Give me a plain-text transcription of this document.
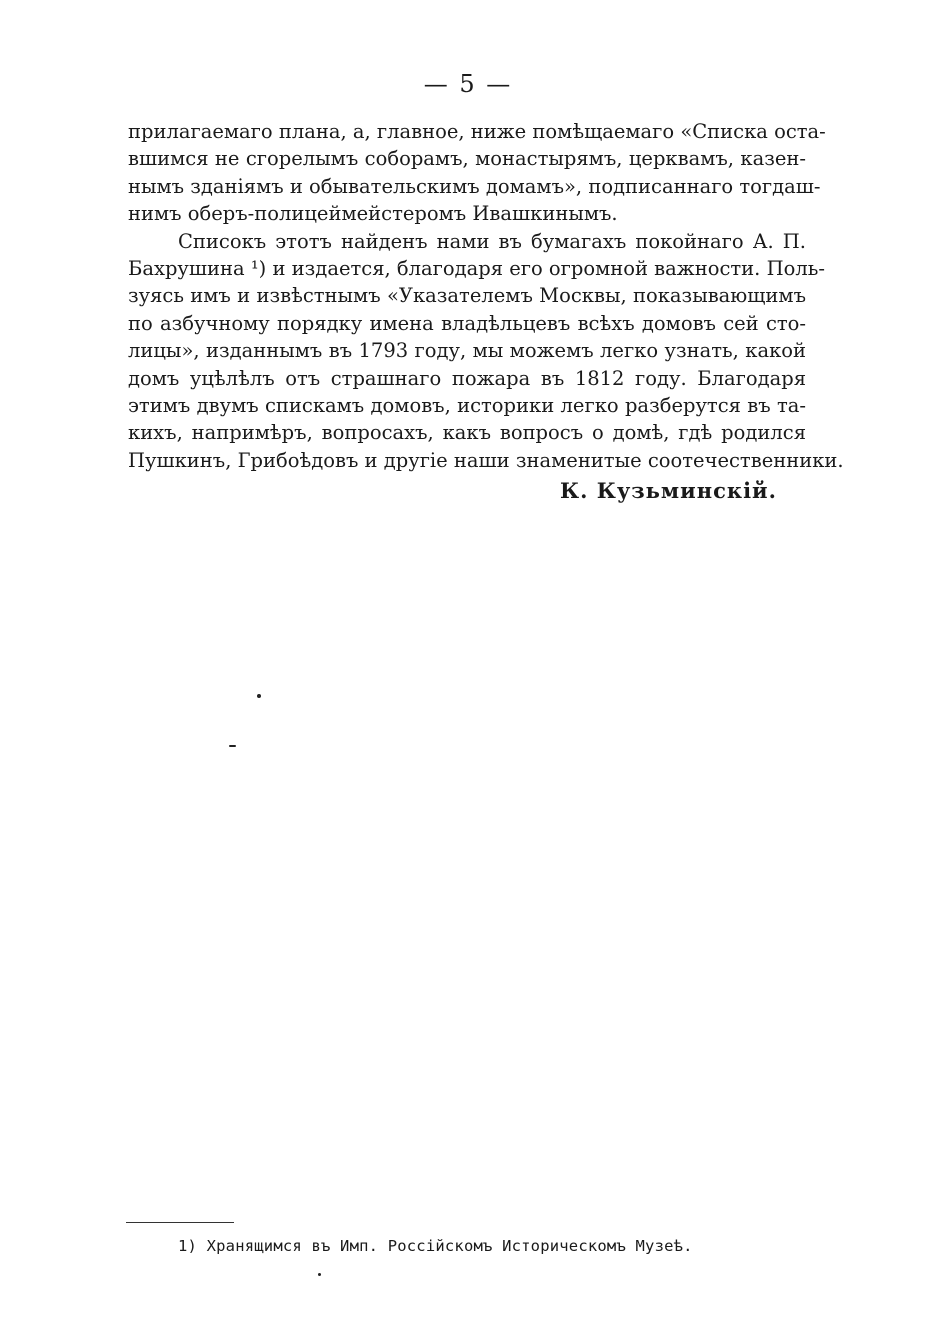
— 5 —
прилагаемаго плана, а, главное, ниже помѣщаемаго «Списка оста-
вшимся не сгорелымъ соборамъ, монастырямъ, церквамъ, казен-
нымъ зданіямъ и обывательскимъ домамъ», подписаннаго тогдаш-
нимъ оберъ-полицеймейстеромъ Ивашкинымъ.
Списокъ этотъ найденъ нами въ бумагахъ покойнаго А. П.
Бахрушина ¹) и издается, благодаря его огромной важности. Поль-
зуясь имъ и извѣстнымъ «Указателемъ Москвы, показывающимъ
по азбучному порядку имена владѣльцевъ всѣхъ домовъ сей сто-
лицы», изданнымъ въ 1793 году, мы можемъ легко узнать, какой
домъ уцѣлѣлъ отъ страшнаго пожара въ 1812 году. Благодаря
этимъ двумъ спискамъ домовъ, историки легко разберутся въ та-
кихъ, напримѣръ, вопросахъ, какъ вопросъ о домѣ, гдѣ родился
Пушкинъ, Грибоѣдовъ и другіе наши знаменитые соотечественники.
К. Кузьминскій.
1) Хранящимся въ Имп. Россійскомъ Историческомъ Музеѣ.
